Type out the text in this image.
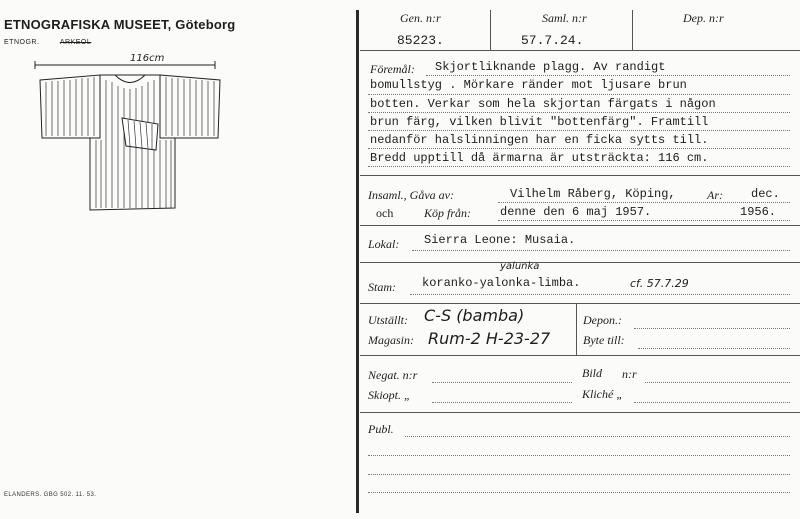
ETNOGRAFISKA MUSEET, Göteborg
ETNOGR.	ARKEOL
116cm
ELANDERS. GBG 502. 11. 53.
Gen. n:r
85223.
Saml. n:r
57.7.24.
Dep. n:r
Föremål: Skjortliknande plagg. Av randigt
bomullstyg . Mörkare ränder mot ljusare brun
botten. Verkar som hela skjortan färgats i någon
brun färg, vilken blivit "bottenfärg". Framtill
nedanför halslinningen har en ficka sytts till.
Bredd upptill då ärmarna är utsträckta: 116 cm.
Insaml., Gåva av:	Vilhelm Råberg, Köping,	Ar: dec.
och	Köp från: denne den 6 maj 1957.	1956.
Lokal: Sierra Leone: Musaia.
yalunka
Stam: koranko-yalonka-limba.	cf. 57.7.29
Utställt: C-S (bamba)	Depon.:
Magasin: Rum-2 H-23-27	Byte till:
Negat. n:r	Bild n:r
Skiopt. „	Kliché „
Publ.
